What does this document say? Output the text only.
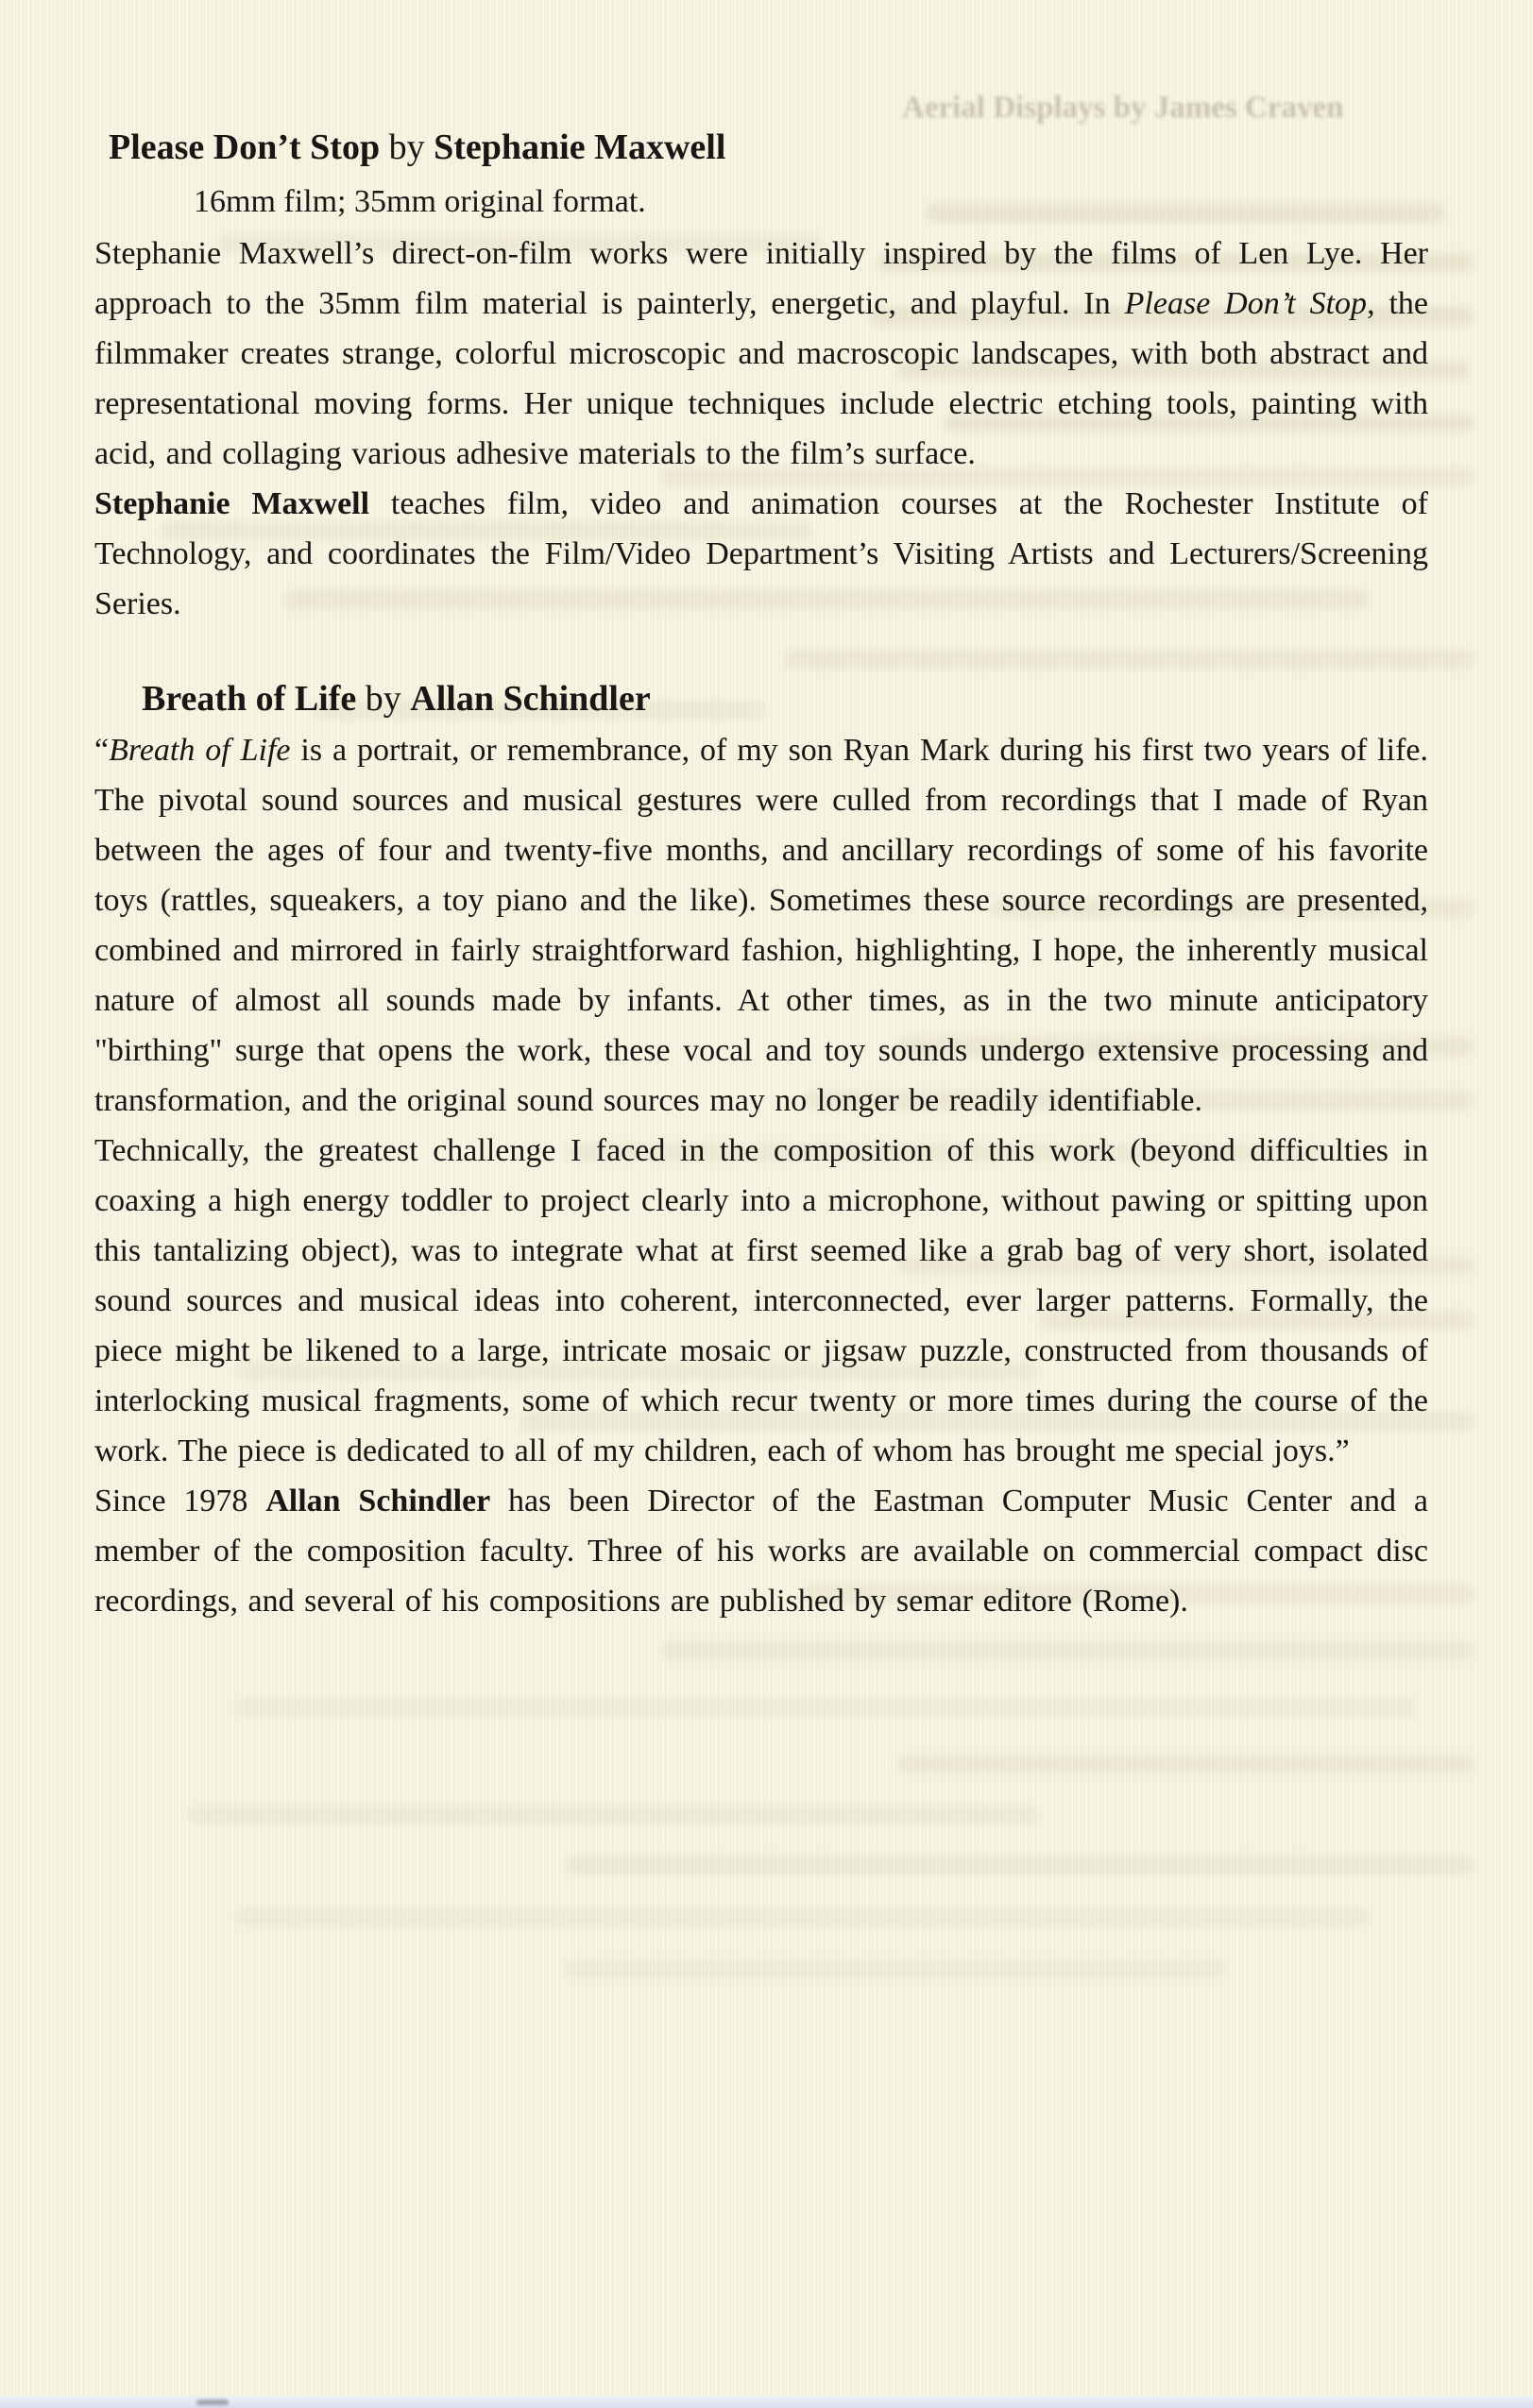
Aerial Displays by James Craven
Please Don’t Stop by Stephanie Maxwell
16mm film; 35mm original format.

Stephanie Maxwell’s direct-on-film works were initially inspired by the films of Len Lye. Her approach to the 35mm film material is painterly, energetic, and playful. In Please Don’t Stop, the filmmaker creates strange, colorful microscopic and macroscopic landscapes, with both abstract and representational moving forms. Her unique techniques include electric etching tools, painting with acid, and collaging various adhesive materials to the film’s surface.

Stephanie Maxwell teaches film, video and animation courses at the Rochester Institute of Technology, and coordinates the Film/Video Department’s Visiting Artists and Lecturers/Screening Series.

Breath of Life by Allan Schindler

“Breath of Life is a portrait, or remembrance, of my son Ryan Mark during his first two years of life. The pivotal sound sources and musical gestures were culled from recordings that I made of Ryan between the ages of four and twenty-five months, and ancillary recordings of some of his favorite toys (rattles, squeakers, a toy piano and the like). Sometimes these source recordings are presented, combined and mirrored in fairly straightforward fashion, highlighting, I hope, the inherently musical nature of almost all sounds made by infants. At other times, as in the two minute anticipatory "birthing" surge that opens the work, these vocal and toy sounds undergo extensive processing and transformation, and the original sound sources may no longer be readily identifiable.

Technically, the greatest challenge I faced in the composition of this work (beyond difficulties in coaxing a high energy toddler to project clearly into a microphone, without pawing or spitting upon this tantalizing object), was to integrate what at first seemed like a grab bag of very short, isolated sound sources and musical ideas into coherent, interconnected, ever larger patterns. Formally, the piece might be likened to a large, intricate mosaic or jigsaw puzzle, constructed from thousands of interlocking musical fragments, some of which recur twenty or more times during the course of the work. The piece is dedicated to all of my children, each of whom has brought me special joys.”

Since 1978 Allan Schindler has been Director of the Eastman Computer Music Center and a member of the composition faculty. Three of his works are available on commercial compact disc recordings, and several of his compositions are published by semar editore (Rome).
